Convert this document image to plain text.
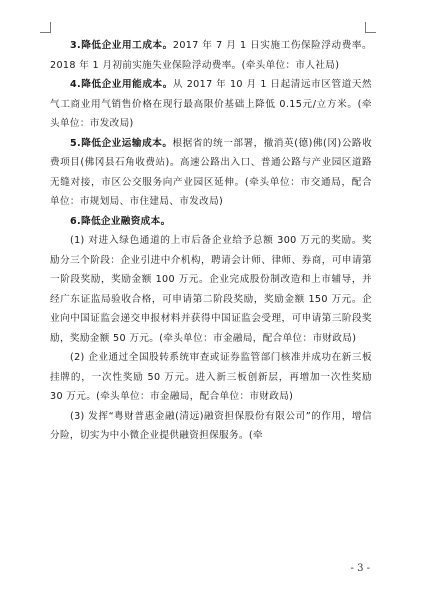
3.降低企业用工成本。2017 年 7 月 1 日实施工伤保险浮动费率。2018 年 1 月初前实施失业保险浮动费率。(牵头单位：市人社局)

4.降低企业用能成本。从 2017 年 10 月 1 日起清远市区管道天然气工商业用气销售价格在现行最高限价基础上降低 0.15元/立方米。(牵头单位：市发改局)

5.降低企业运输成本。根据省的统一部署，撤消英(德)佛(冈)公路收费项目(佛冈县石角收费站)。高速公路出入口、普通公路与产业园区道路无缝对接，市区公交服务向产业园区延伸。(牵头单位：市交通局，配合单位：市规划局、市住建局、市发改局)

6.降低企业融资成本。

(1) 对进入绿色通道的上市后备企业给予总额 300 万元的奖励。奖励分三个阶段：企业引进中介机构，聘请会计师、律师、券商，可申请第一阶段奖励，奖励金额 100 万元。企业完成股份制改造和上市辅导，并经广东证监局验收合格，可申请第二阶段奖励，奖励金额 150 万元。企业向中国证监会递交申报材料并获得中国证监会受理，可申请第三阶段奖励，奖励金额 50 万元。(牵头单位：市金融局，配合单位：市财政局)

(2) 企业通过全国股转系统审查或证券监管部门核准并成功在新三板挂牌的，一次性奖励 50 万元。进入新三板创新层，再增加一次性奖励 30 万元。(牵头单位：市金融局，配合单位：市财政局)

(3) 发挥“粤财普惠金融(清远)融资担保股份有限公司”的作用，增信分险，切实为中小微企业提供融资担保服务。(牵

- 3 -
